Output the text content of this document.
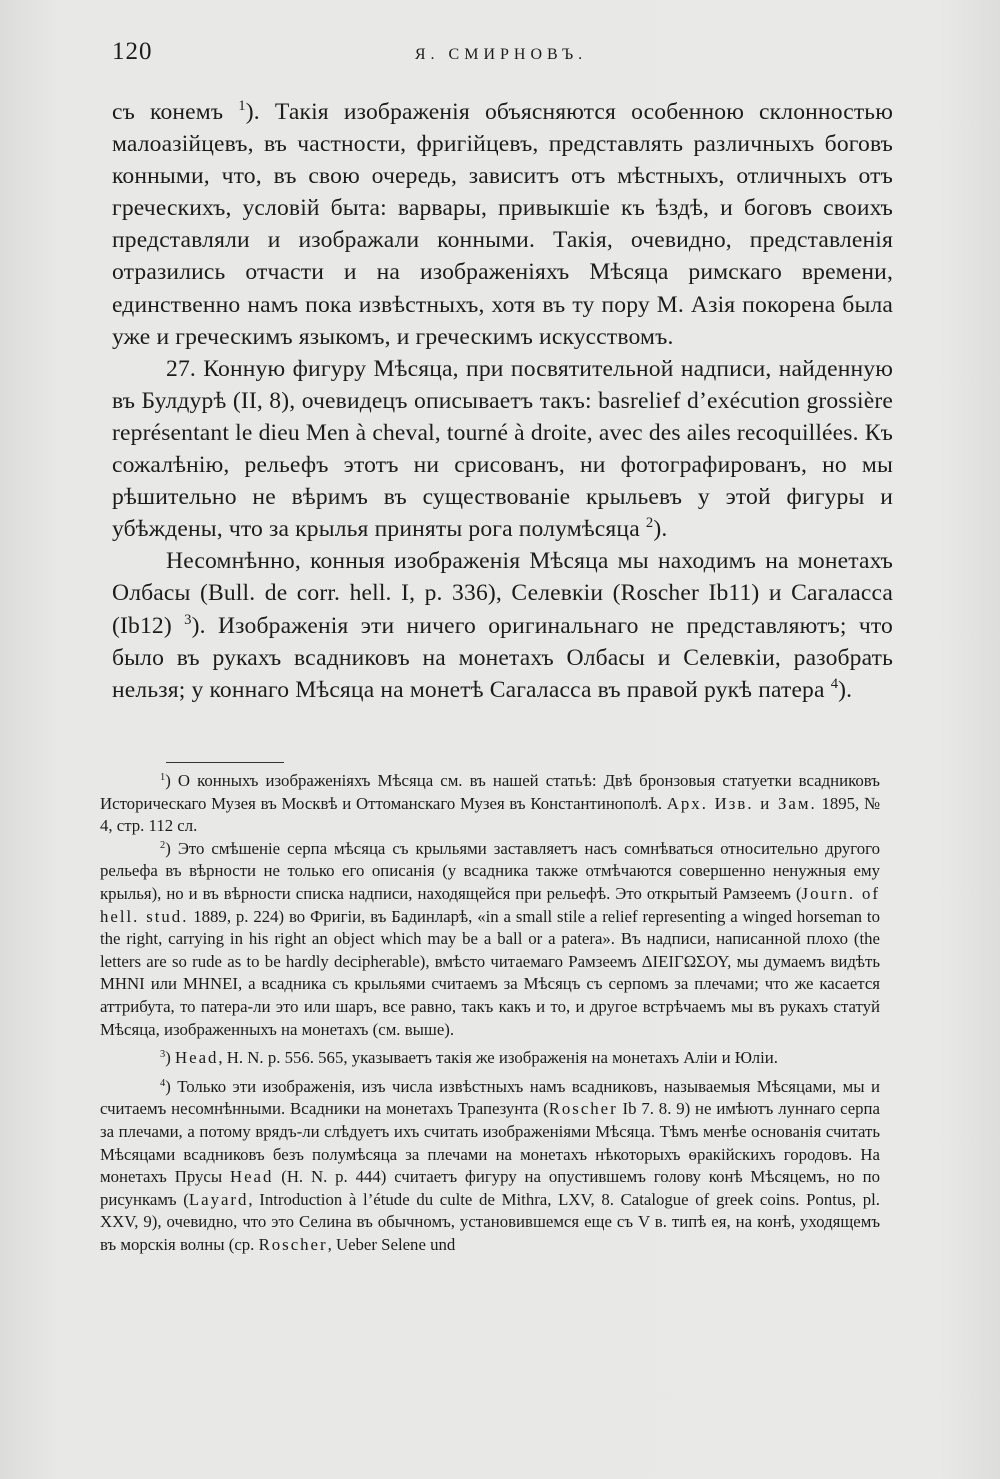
120	Я. СМИРНОВЪ.

съ конемъ $^1$). Такія изображенія объясняются особенною склонностью малоазійцевъ, въ частности, фригійцевъ, представлять различныхъ боговъ конными, что, въ свою очередь, зависитъ отъ мѣстныхъ, отличныхъ отъ греческихъ, условій быта: варвары, привыкшіе къ ѣздѣ, и боговъ своихъ представляли и изображали конными. Такія, очевидно, представленія отразились отчасти и на изображеніяхъ Мѣсяца римскаго времени, единственно намъ пока извѣстныхъ, хотя въ ту пору М. Азія покорена была уже и греческимъ языкомъ, и греческимъ искусствомъ.

27. Конную фигуру Мѣсяца, при посвятительной надписи, найденную въ Булдурѣ (II, 8), очевидецъ описываетъ такъ: basrelief d’exécution grossière représentant le dieu Men à cheval, tourné à droite, avec des ailes recoquillées. Къ сожалѣнію, рельефъ этотъ ни срисованъ, ни фотографированъ, но мы рѣшительно не вѣримъ въ существованіе крыльевъ у этой фигуры и убѣждены, что за крылья приняты рога полумѣсяца $^2$).

Несомнѣнно, конныя изображенія Мѣсяца мы находимъ на монетахъ Олбасы (Bull. de corr. hell. I, p. 336), Селевкіи (Roscher Ib11) и Сагаласса (Ib12) $^3$). Изображенія эти ничего оригинальнаго не представляютъ; что было въ рукахъ всадниковъ на монетахъ Олбасы и Селевкіи, разобрать нельзя; у коннаго Мѣсяца на монетѣ Сагаласса въ правой рукѣ патера $^4$).

$^1$) О конныхъ изображеніяхъ Мѣсяца см. въ нашей статьѣ: Двѣ бронзовыя статуетки всадниковъ Историческаго Музея въ Москвѣ и Оттоманскаго Музея въ Константинополѣ. Арх. Изв. и Зам. 1895, № 4, стр. 112 сл.

$^2$) Это смѣшеніе серпа мѣсяца съ крыльями заставляетъ насъ сомнѣваться относительно другого рельефа въ вѣрности не только его описанія (у всадника также отмѣчаются совершенно ненужныя ему крылья), но и въ вѣрности списка надписи, находящейся при рельефѣ. Это открытый Рамзеемъ (Journ. of hell. stud. 1889, p. 224) во Фригіи, въ Бадинларѣ, «in a small stile a relief representing a winged horseman to the right, carrying in his right an object which may be a ball or a patera». Въ надписи, написанной плохо (the letters are so rude as to be hardly decipherable), вмѣсто читаемаго Рамзеемъ ΔΙΕΙΓΩΣΟΥ, мы думаемъ видѣть ΜΗΝΙ или ΜΗΝΕΙ, а всадника съ крыльями считаемъ за Мѣсяцъ съ серпомъ за плечами; что же касается аттрибута, то патера-ли это или шаръ, все равно, такъ какъ и то, и другое встрѣчаемъ мы въ рукахъ статуй Мѣсяца, изображенныхъ на монетахъ (см. выше).

$^3$) Head, H. N. p. 556. 565, указываетъ такія же изображенія на монетахъ Аліи и Юліи.

$^4$) Только эти изображенія, изъ числа извѣстныхъ намъ всадниковъ, называемыя Мѣсяцами, мы и считаемъ несомнѣнными. Всадники на монетахъ Трапезунта (Roscher Ib 7. 8. 9) не имѣютъ луннаго серпа за плечами, а потому врядъ-ли слѣдуетъ ихъ считать изображеніями Мѣсяца. Тѣмъ менѣе основанія считать Мѣсяцами всадниковъ безъ полумѣсяца за плечами на монетахъ нѣкоторыхъ ѳракійскихъ городовъ. На монетахъ Прусы Head (H. N. p. 444) считаетъ фигуру на опустившемъ голову конѣ Мѣсяцемъ, но по рисункамъ (Layard, Introduction à l’étude du culte de Mithra, LXV, 8. Catalogue of greek coins. Pontus, pl. XXV, 9), очевидно, что это Селина въ обычномъ, установившемся еще съ V в. типѣ ея, на конѣ, уходящемъ въ морскія волны (ср. Roscher, Ueber Selene und
